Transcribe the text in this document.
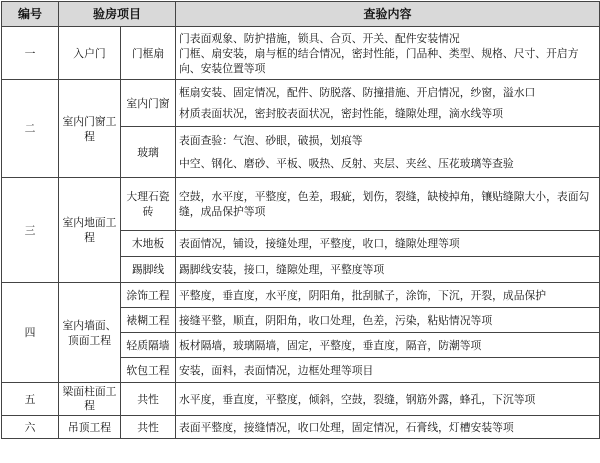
编号	验房项目		查验内容
一	入户门	门框扇	门表面观象、防护措施，锁具、合页、开关、配件安装情况
门框、扇安装，扇与框的结合情况，密封性能，门品种、类型、规格、尺寸、开启方向、安装位置等项

二	室内门窗工程	室内门窗	框扇安装、固定情况，配件、防脱落、防撞措施、开启情况，纱窗，溢水口
材质表面状况，密封胶表面状况，密封性能，缝隙处理，滴水线等项

		玻璃	表面查验：气泡、砂眼，破损，划痕等
中空、钢化、磨砂、平板、吸热、反射、夹层、夹丝、压花玻璃等查验

三	室内地面工程	大理石瓷砖	空鼓，水平度，平整度，色差，瑕疵，划伤，裂缝，缺棱掉角，镶贴缝隙大小，表面勾缝，成品保护等项

		木地板	表面情况，铺设，接缝处理，平整度，收口，缝隙处理等项

		踢脚线	踢脚线安装，接口，缝隙处理，平整度等项

四	室内墙面、顶面工程	涂饰工程	平整度，垂直度，水平度，阴阳角，批刮腻子，涂饰，下沉，开裂，成品保护

		裱糊工程	接缝平整，顺直，阴阳角，收口处理，色差，污染，粘贴情况等项

		轻质隔墙	板材隔墙，玻璃隔墙，固定，平整度，垂直度，隔音，防潮等项

		软包工程	安装，面料，表面情况，边框处理等项目

五	梁面柱面工程	共性	水平度，垂直度，平整度，倾斜，空鼓，裂缝，钢筋外露，蜂孔，下沉等项

六	吊顶工程	共性	表面平整度，接缝情况，收口处理，固定情况，石膏线，灯槽安装等项
